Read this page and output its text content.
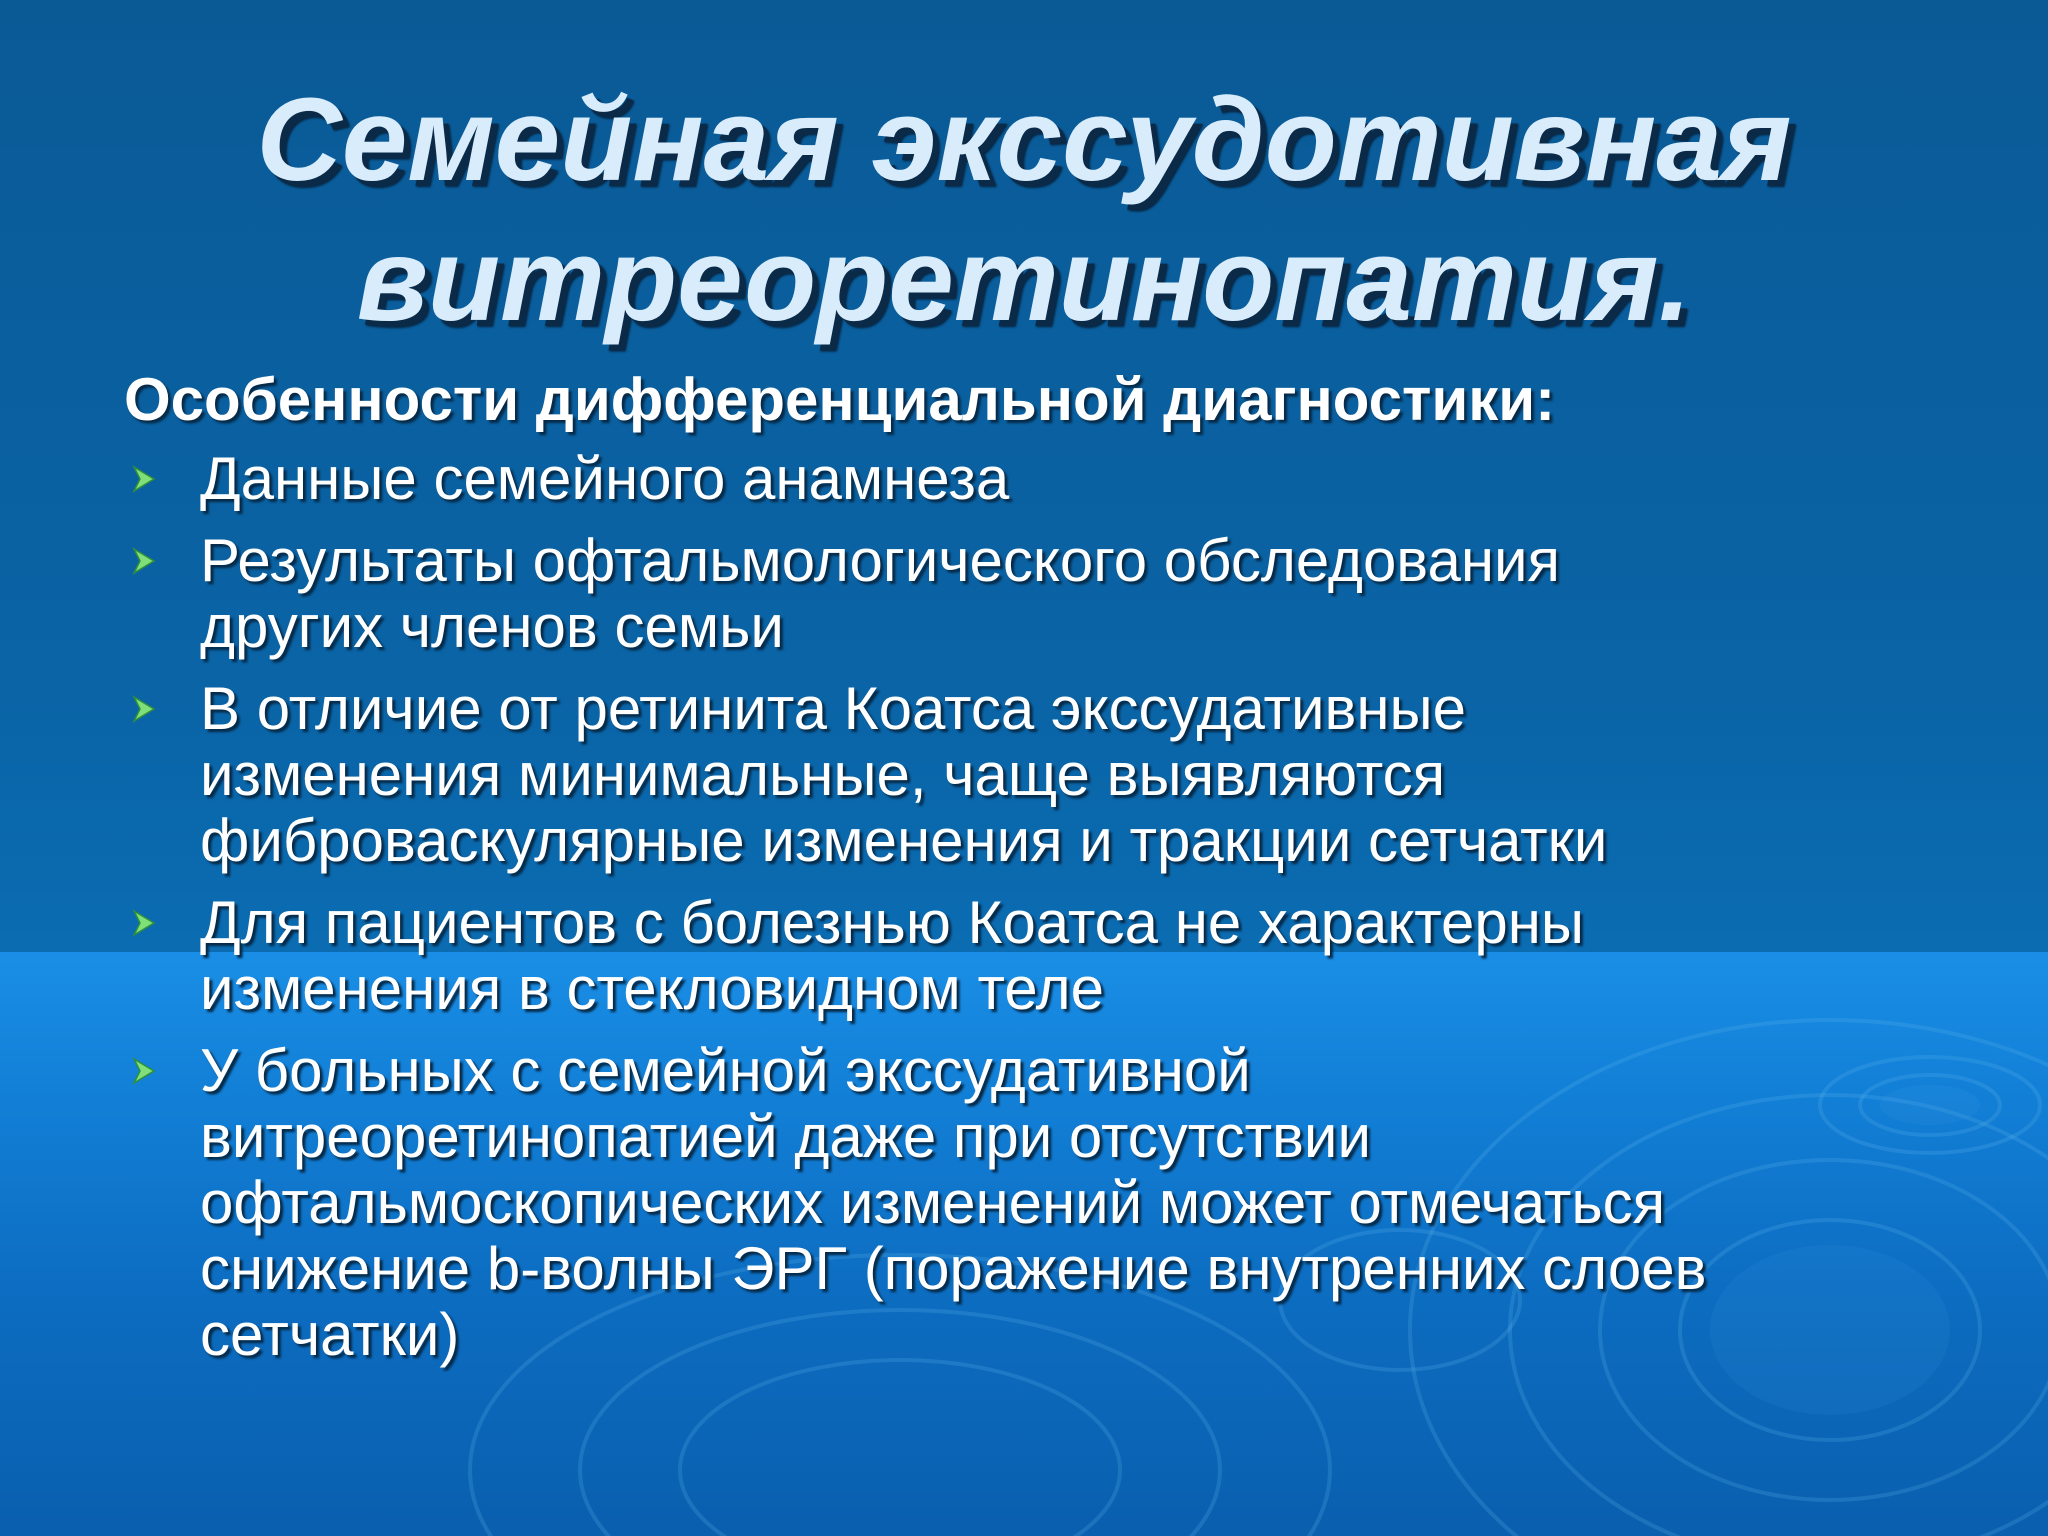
Семейная экссудотивная
витреоретинопатия.
Особенности дифференциальной диагностики:
Данные семейного анамнеза
Результаты офтальмологического обследования
других членов семьи
В отличие от ретинита Коатса экссудативные
изменения минимальные, чаще выявляются
фиброваскулярные изменения и тракции сетчатки
Для пациентов с болезнью Коатса не характерны
изменения в стекловидном теле
У больных с семейной экссудативной
витреоретинопатией даже при отсутствии
офтальмоскопических изменений может отмечаться
снижение b-волны ЭРГ (поражение внутренних слоев
сетчатки)
